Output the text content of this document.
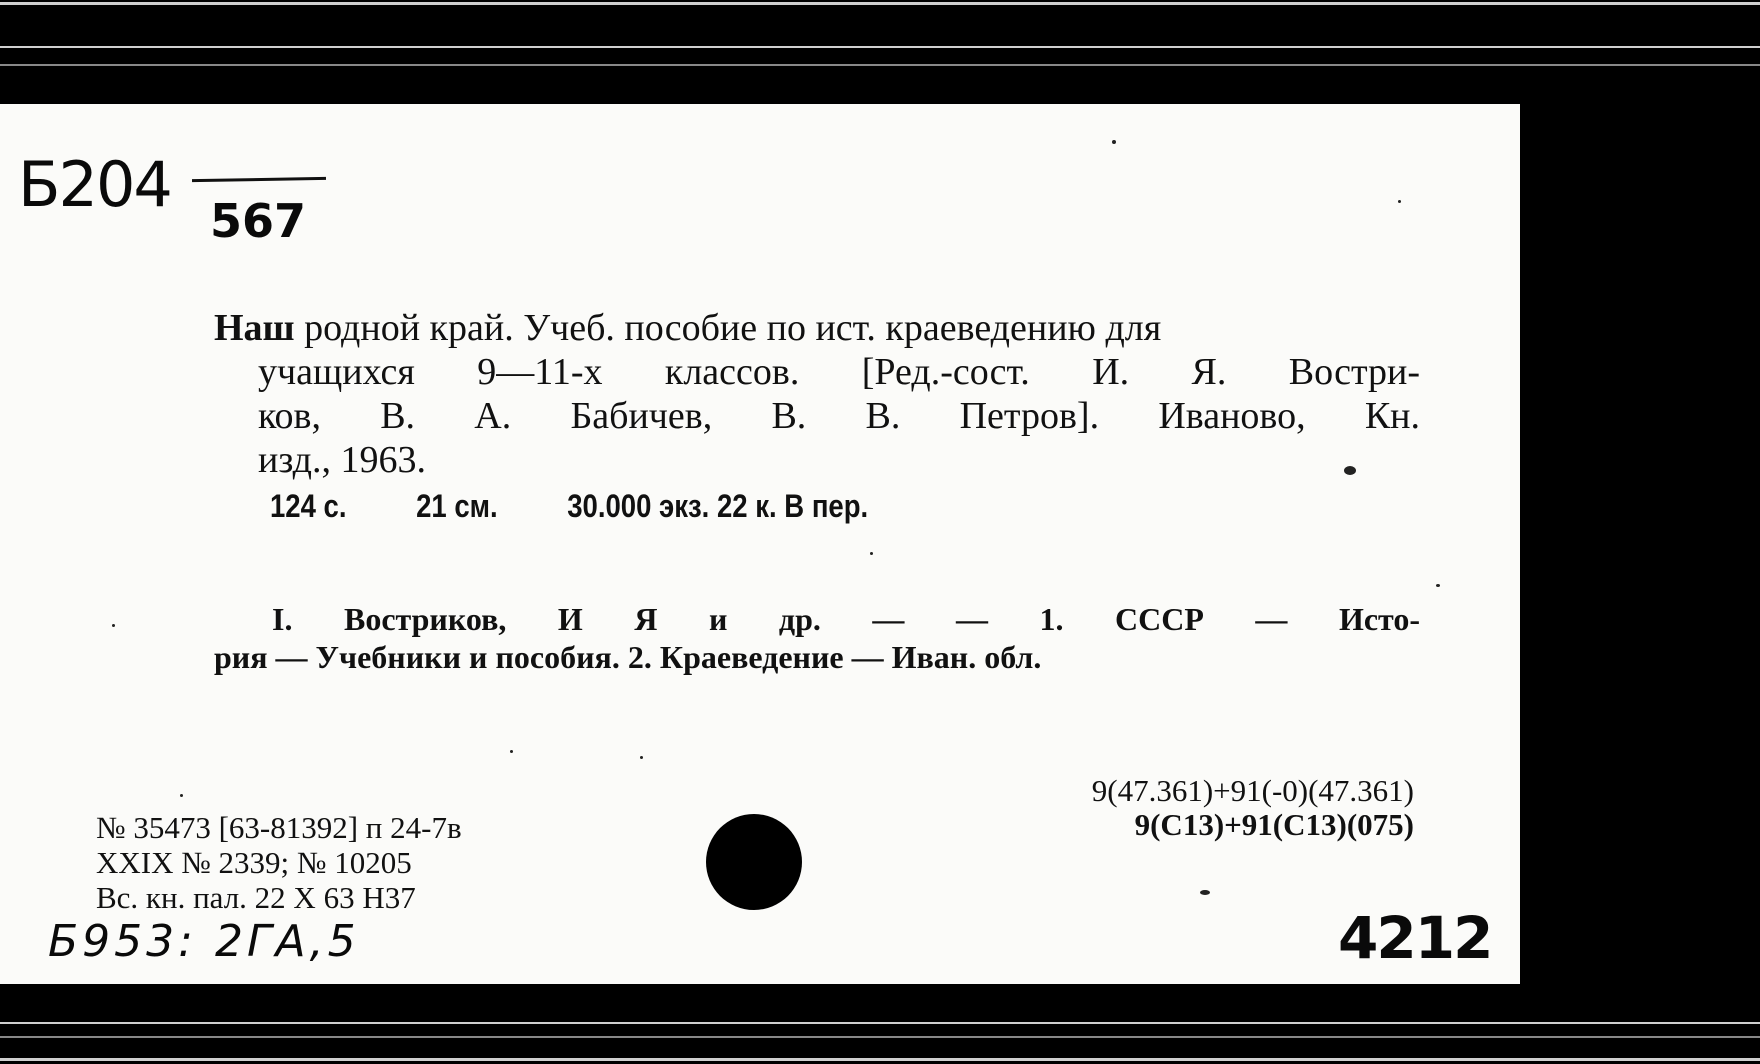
Б204 567

Наш родной край. Учеб. пособие по ист. краеведению для

учащихся 9—11-х классов. [Ред.-сост. И. Я. Востри-

ков, В. А. Бабичев, В. В. Петров]. Иваново, Кн.

изд., 1963.

124 с. 21 см. 30.000 экз. 22 к. В пер.
I. Востриков, И Я и др. — — 1. СССР — Исто-
рия — Учебники и пособия. 2. Краеведение — Иван. обл.
9(47.361)+91(-0)(47.361)
9(С13)+91(С13)(075)
№ 35473 [63-81392] п 24-7в
XXIX № 2339; № 10205
Вс. кн. пал. 22 X 63 Н37
Б953: 2ГА,5	4212
